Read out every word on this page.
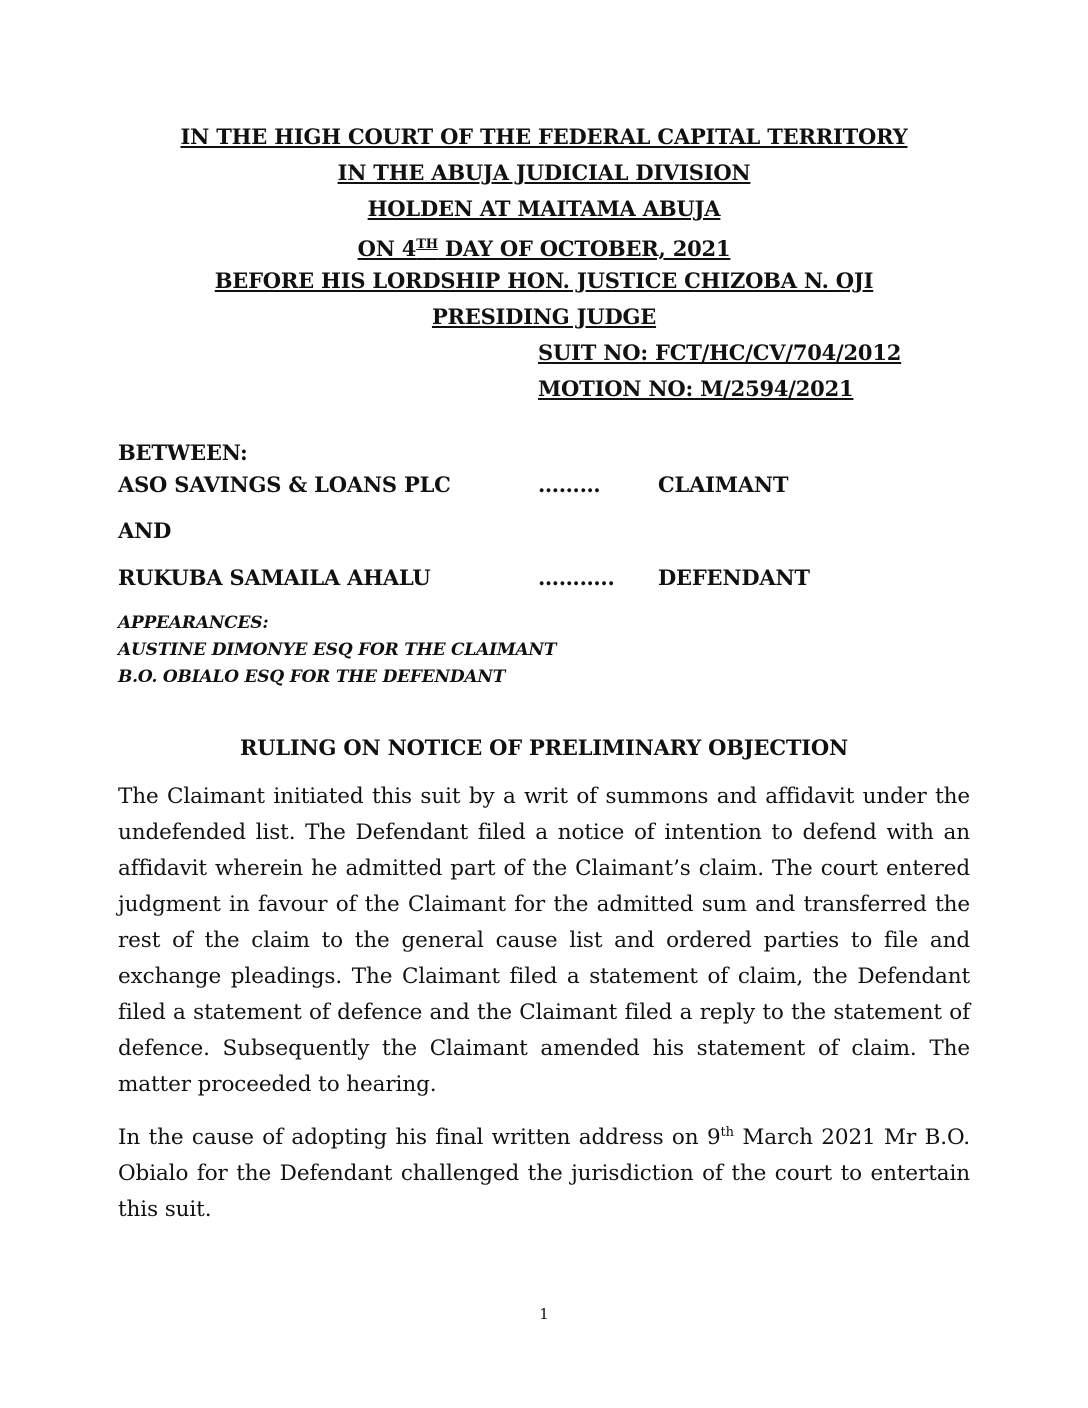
IN THE HIGH COURT OF THE FEDERAL CAPITAL TERRITORY
IN THE ABUJA JUDICIAL DIVISION
HOLDEN AT MAITAMA ABUJA
ON 4TH DAY OF OCTOBER, 2021
BEFORE HIS LORDSHIP HON. JUSTICE CHIZOBA N. OJI
PRESIDING JUDGE
SUIT NO: FCT/HC/CV/704/2012
MOTION NO: M/2594/2021
BETWEEN:
ASO SAVINGS & LOANS PLC	………	CLAIMANT
AND
RUKUBA SAMAILA AHALU	……….. DEFENDANT
APPEARANCES:
AUSTINE DIMONYE ESQ FOR THE CLAIMANT
B.O. OBIALO ESQ FOR THE DEFENDANT
RULING ON NOTICE OF PRELIMINARY OBJECTION
The Claimant initiated this suit by a writ of summons and affidavit under the undefended list. The Defendant filed a notice of intention to defend with an affidavit wherein he admitted part of the Claimant’s claim. The court entered judgment in favour of the Claimant for the admitted sum and transferred the rest of the claim to the general cause list and ordered parties to file and exchange pleadings. The Claimant filed a statement of claim, the Defendant filed a statement of defence and the Claimant filed a reply to the statement of defence. Subsequently the Claimant amended his statement of claim. The matter proceeded to hearing.
In the cause of adopting his final written address on 9th March 2021 Mr B.O. Obialo for the Defendant challenged the jurisdiction of the court to entertain this suit.
1
